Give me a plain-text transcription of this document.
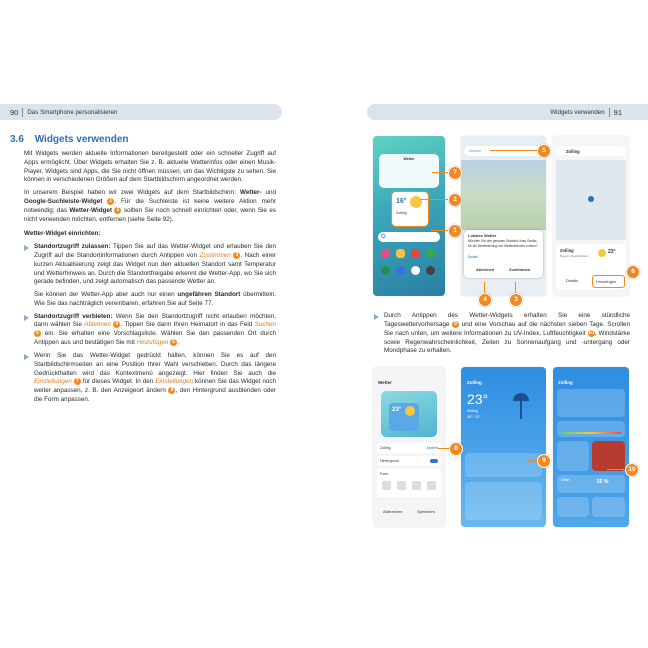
90 Das Smartphone personalisieren	Widgets verwenden 91
3.6 Widgets verwenden

Mit Widgets werden aktuelle Informationen bereitgestellt oder ein schneller Zugriff auf Apps ermöglicht. Über Widgets erhalten Sie z. B. aktuelle Wetterinfos oder einen Musik-Player. Widgets sind Apps, die Sie nicht öffnen müssen, um das Wichtigste zu sehen. Sie können in verschiedenen Größen auf dem Startbildschirm angeordnet werden.

In unserem Beispiel haben wir zwei Widgets auf dem Startbildschirm: Wetter- und Google-Suchleiste-Widget 1 . Für die Suchleiste ist keine weitere Aktion mehr notwendig; das Wetter-Widget 2 sollten Sie noch schnell einrichten oder, wenn Sie es nicht verwenden möchten, entfernen (siehe Seite 92).

Wetter-Widget einrichten:

Standortzugriff zulassen: Tippen Sie auf das Wetter-Widget und erlauben Sie den Zugriff auf die Standortinformationen durch Antippen von Zustimmen 3 . Nach einer kurzen Aktualisierung zeigt das Widget nun den aktuellen Standort samt Temperatur und Wetterhinweis an. Durch die Standortfreigabe erkennt die Wetter-App, wo Sie sich gerade befinden, und zeigt automatisch das passende Wetter an.

Sie können der Wetter-App aber auch nur einen ungefähren Standort übermitteln. Wie Sie das nachträglich vereinbaren, erfahren Sie auf Seite 77.

Standortzugriff verbieten: Wenn Sie den Standortzugriff nicht erlauben möchten, dann wählen Sie Ablehnen 4 . Tippen Sie dann Ihren Heimatort in das Feld Suchen 5 ein. Sie erhalten eine Vorschlagsliste. Wählen Sie den passenden Ort durch Antippen aus und bestätigen Sie mit Hinzufügen 6 .

Wenn Sie das Wetter-Widget gedrückt halten, können Sie es auf den Startbildschirmseiten an eine Position Ihrer Wahl verschieben. Durch das längere Gedrückthalten wird das Kontextmenü angezeigt. Hier finden Sie auch die Einstellungen 7 für dieses Widget. In den Einstellungen können Sie das Widget noch weiter anpassen, z. B. den Anzeigeort ändern 8 , den Hintergrund ausblenden oder die Form anpassen.

Wetter
16°
Zolling
G
Suchen
Lokales Wetter
Möchten Sie den genauen Standort Ihres Geräts für die Bereitstellung von Wetterdiensten nutzen?
Details
Ablehnen	Zustimmen
Zolling
Zolling
Bayern, Deutschland
23°
Details	Hinzufügen
1
2
7
4	3
5
6

Durch Antippen des Wetter-Widgets erhalten Sie eine stündliche Tageswettervorhersage 9 und eine Vorschau auf die nächsten sieben Tage. Scrollen Sie nach unten, um weitere Informationen zu UV-Index, Luftfeuchtigkeit 10, Windstärke sowie Regenwahrscheinlichkeit, Zeiten zu Sonnenaufgang und -untergang oder Mondphase zu erhalten.

Wetter
23°
Zolling	Ändern
Hintergrund
Form
Abbrechen	Speichern
Zolling
23°
Wolkig
26° / 13°
Zolling
Mittel	55 %
8
9
10
